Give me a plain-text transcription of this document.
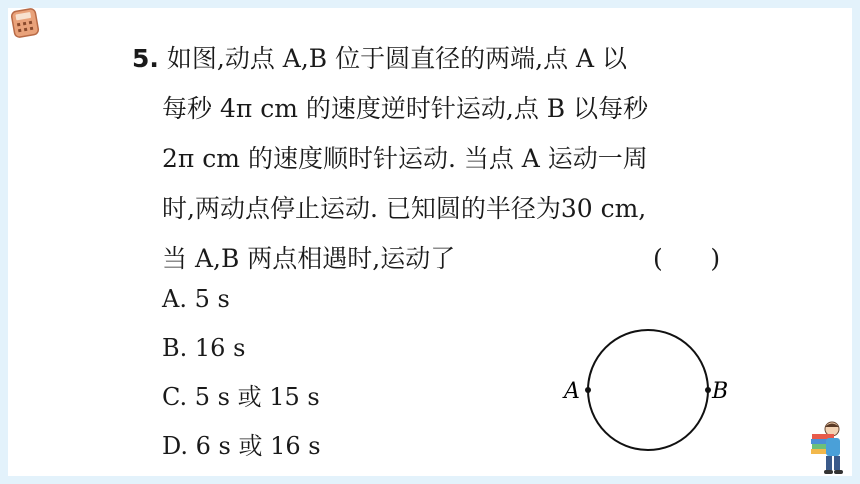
5. 如图,动点 A,B 位于圆直径的两端,点 A 以
每秒 4π cm 的速度逆时针运动,点 B 以每秒
2π cm 的速度顺时针运动. 当点 A 运动一周
时,两动点停止运动. 已知圆的半径为30 cm,
当 A,B 两点相遇时,运动了	(      )
A. 5 s
B. 16 s
C. 5 s 或 15 s
D. 6 s 或 16 s
A	B
